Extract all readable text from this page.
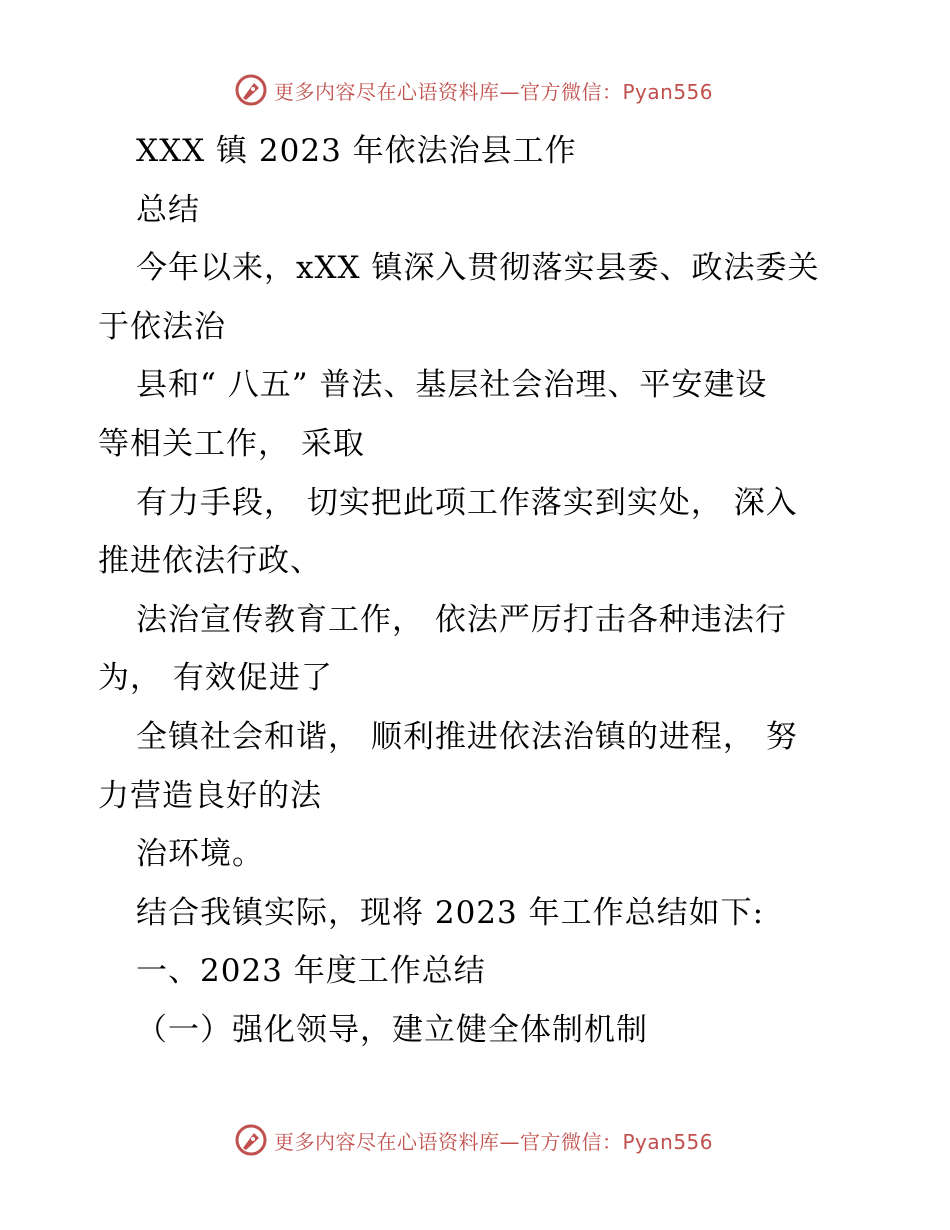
更多内容尽在心语资料库—官方微信：Pyan556
XXX 镇 2023 年依法治县工作
总结
今年以来，xXX 镇深入贯彻落实县委、政法委关
于依法治
县和“ 八五” 普法、基层社会治理、平安建设
等相关工作， 采取
有力手段， 切实把此项工作落实到实处， 深入
推进依法行政、
法治宣传教育工作， 依法严厉打击各种违法行
为， 有效促进了
全镇社会和谐， 顺利推进依法治镇的进程， 努
力营造良好的法
治环境。
结合我镇实际，现将 2023 年工作总结如下:
一、2023 年度工作总结
（一）强化领导，建立健全体制机制
更多内容尽在心语资料库—官方微信：Pyan556
